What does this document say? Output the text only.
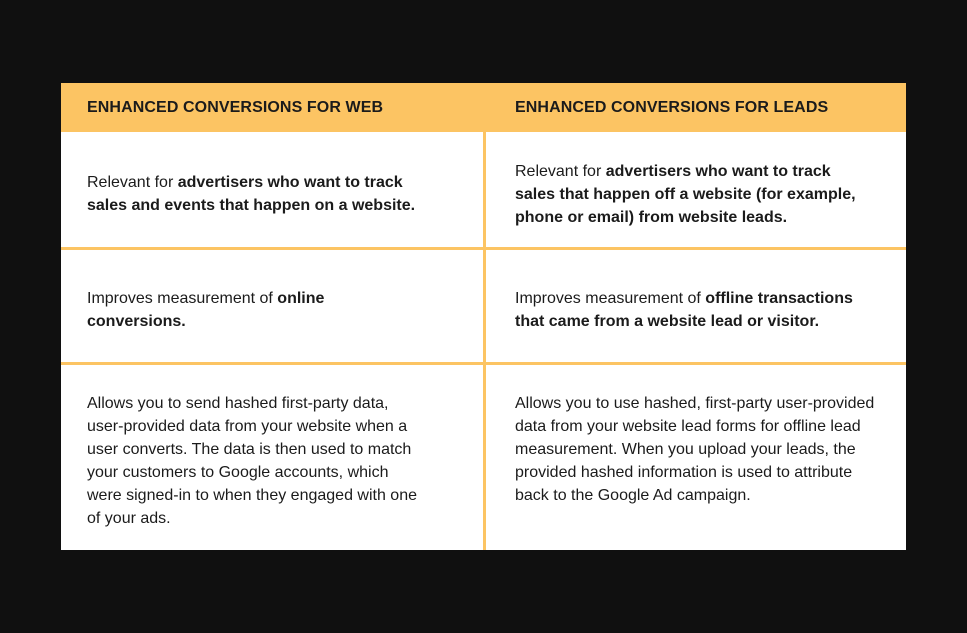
ENHANCED CONVERSIONS FOR WEB	ENHANCED CONVERSIONS FOR LEADS
Relevant for advertisers who want to track sales and events that happen on a website.
Relevant for advertisers who want to track sales that happen off a website (for example, phone or email) from website leads.
Improves measurement of online conversions.
Improves measurement of offline transactions that came from a website lead or visitor.
Allows you to send hashed first-party data, user-provided data from your website when a user converts. The data is then used to match your customers to Google accounts, which were signed-in to when they engaged with one of your ads.
Allows you to use hashed, first-party user-provided data from your website lead forms for offline lead measurement. When you upload your leads, the provided hashed information is used to attribute back to the Google Ad campaign.
